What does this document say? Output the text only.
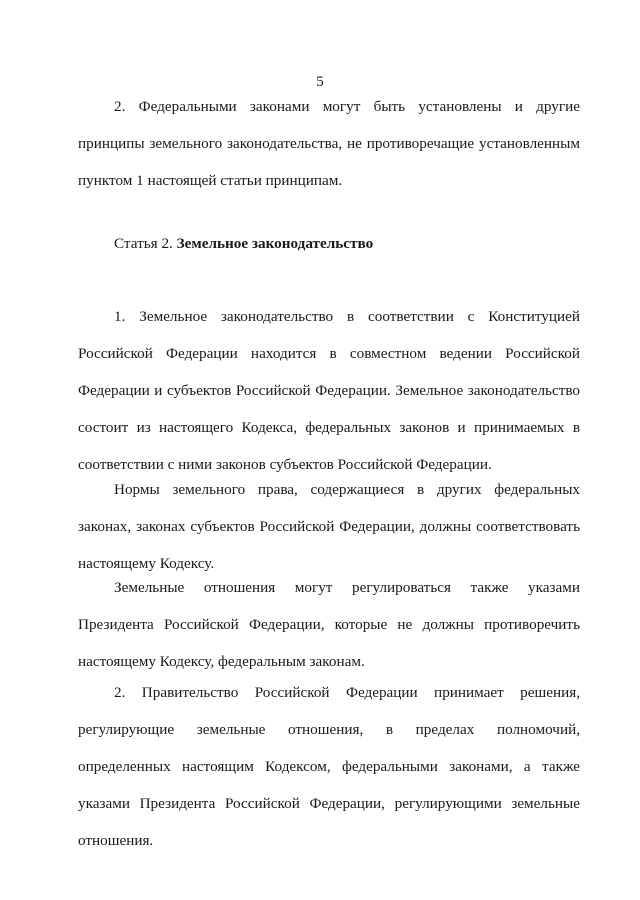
5

2. Федеральными законами могут быть установлены и другие принципы земельного законодательства, не противоречащие установленным пунктом 1 настоящей статьи принципам.

Статья 2. Земельное законодательство

1. Земельное законодательство в соответствии с Конституцией Российской Федерации находится в совместном ведении Российской Федерации и субъектов Российской Федерации. Земельное законодательство состоит из настоящего Кодекса, федеральных законов и принимаемых в соответствии с ними законов субъектов Российской Федерации.

Нормы земельного права, содержащиеся в других федеральных законах, законах субъектов Российской Федерации, должны соответствовать настоящему Кодексу.

Земельные отношения могут регулироваться также указами Президента Российской Федерации, которые не должны противоречить настоящему Кодексу, федеральным законам.

2. Правительство Российской Федерации принимает решения, регулирующие земельные отношения, в пределах полномочий, определенных настоящим Кодексом, федеральными законами, а также указами Президента Российской Федерации, регулирующими земельные отношения.
